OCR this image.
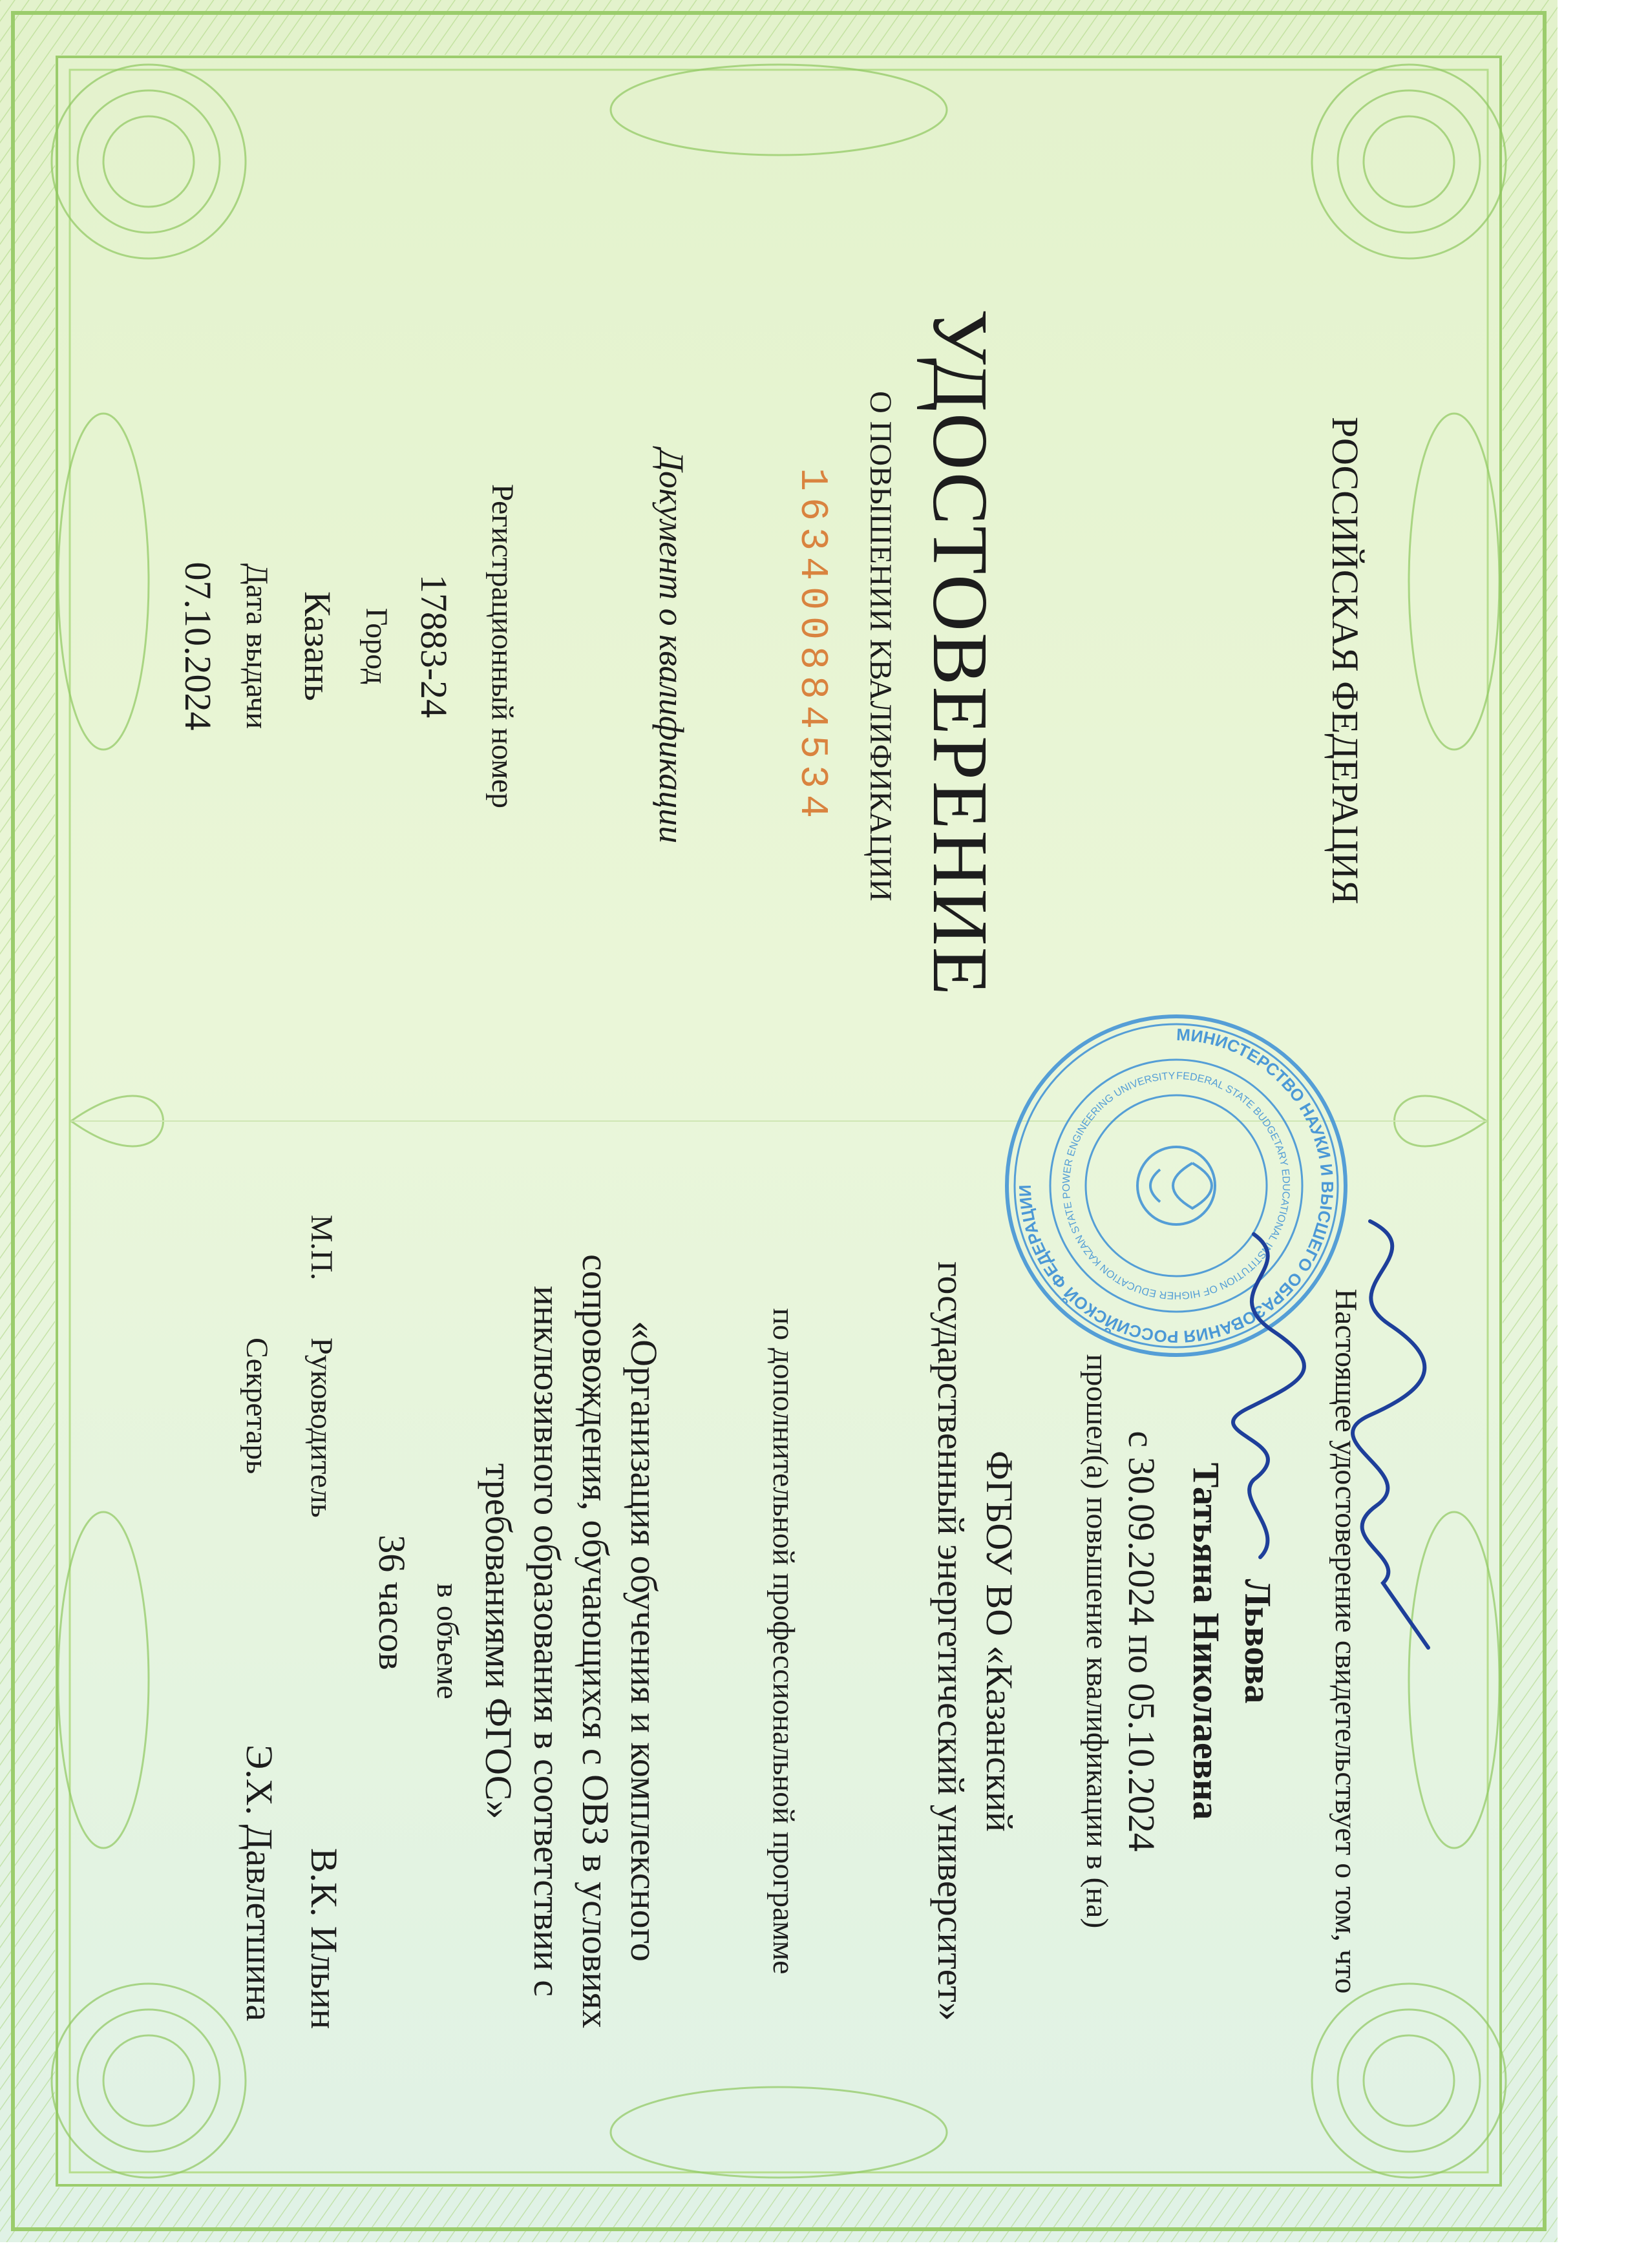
РОССИЙСКАЯ ФЕДЕРАЦИЯ
УДОСТОВЕРЕНИЕ
О ПОВЫШЕНИИ КВАЛИФИКАЦИИ
163400884534
Документ о квалификации
Регистрационный номер
17883-24
Город
Казань
Дата выдачи
07.10.2024
Настоящее удостоверение свидетельствует о том, что
Львова
Татьяна Николаевна
с 30.09.2024 по 05.10.2024
прошел(а) повышение квалификации в (на)
ФГБОУ ВО «Казанский
государственный энергетический университет»
по дополнительной профессиональной программе
«Организация обучения и комплексного
сопровождения, обучающихся с ОВЗ в условиях
инклюзивного образования в соответствии с
требованиями ФГОС»
в объеме
36 часов
МИНИСТЕРСТВО НАУКИ И ВЫСШЕГО ОБРАЗОВАНИЯ РОССИЙСКОЙ ФЕДЕРАЦИИ
FEDERAL STATE BUDGETARY EDUCATIONAL INSTITUTION OF HIGHER EDUCATION KAZAN STATE POWER ENGINEERING UNIVERSITY
М.П.
Руководитель
В.К. Ильин
Секретарь
Э.Х. Давлетшина
